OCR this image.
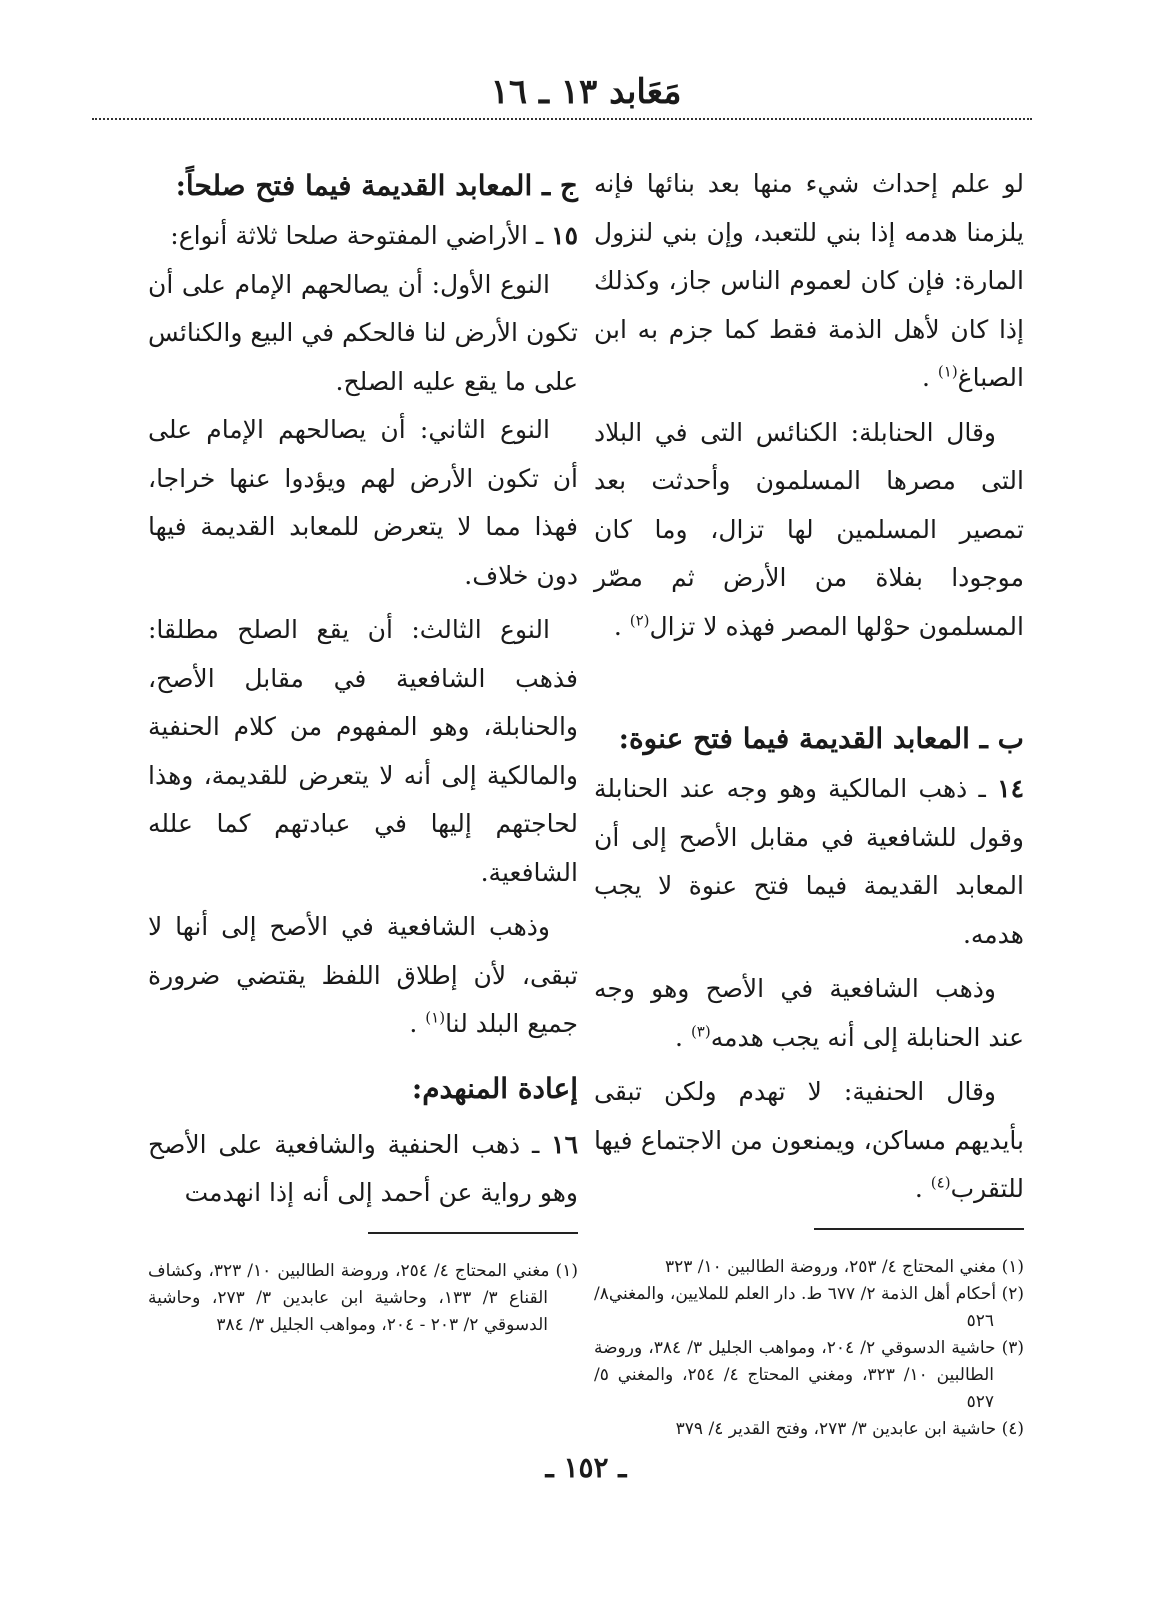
مَعَابد ١٣ ـ ١٦

لو علم إحداث شيء منها بعد بنائها فإنه يلزمنا هدمه إذا بني للتعبد، وإن بني لنزول المارة: فإن كان لعموم الناس جاز، وكذلك إذا كان لأهل الذمة فقط كما جزم به ابن الصباغ$^{(١)}$ .

وقال الحنابلة: الكنائس التى في البلاد التى مصرها المسلمون وأحدثت بعد تمصير المسلمين لها تزال، وما كان موجودا بفلاة من الأرض ثم مصّر المسلمون حوْلها المصر فهذه لا تزال$^{(٢)}$ .

ب ـ المعابد القديمة فيما فتح عنوة:

١٤ ـ ذهب المالكية وهو وجه عند الحنابلة وقول للشافعية في مقابل الأصح إلى أن المعابد القديمة فيما فتح عنوة لا يجب هدمه.

وذهب الشافعية في الأصح وهو وجه عند الحنابلة إلى أنه يجب هدمه$^{(٣)}$ .

وقال الحنفية: لا تهدم ولكن تبقى بأيديهم مساكن، ويمنعون من الاجتماع فيها للتقرب$^{(٤)}$ .

(١) مغني المحتاج ٤/ ٢٥٣، وروضة الطالبين ١٠/ ٣٢٣
(٢) أحكام أهل الذمة ٢/ ٦٧٧ ط. دار العلم للملايين، والمغني٨/ ٥٢٦
(٣) حاشية الدسوقي ٢/ ٢٠٤، ومواهب الجليل ٣/ ٣٨٤، وروضة الطالبين ١٠/ ٣٢٣، ومغني المحتاج ٤/ ٢٥٤، والمغني ٥/ ٥٢٧
(٤) حاشية ابن عابدين ٣/ ٢٧٣، وفتح القدير ٤/ ٣٧٩
ج ـ المعابد القديمة فيما فتح صلحاً:

١٥ ـ الأراضي المفتوحة صلحا ثلاثة أنواع:

النوع الأول: أن يصالحهم الإمام على أن تكون الأرض لنا فالحكم في البيع والكنائس على ما يقع عليه الصلح.

النوع الثاني: أن يصالحهم الإمام على أن تكون الأرض لهم ويؤدوا عنها خراجا، فهذا مما لا يتعرض للمعابد القديمة فيها دون خلاف.

النوع الثالث: أن يقع الصلح مطلقا: فذهب الشافعية في مقابل الأصح، والحنابلة، وهو المفهوم من كلام الحنفية والمالكية إلى أنه لا يتعرض للقديمة، وهذا لحاجتهم إليها في عبادتهم كما علله الشافعية.

وذهب الشافعية في الأصح إلى أنها لا تبقى، لأن إطلاق اللفظ يقتضي ضرورة جميع البلد لنا$^{(١)}$ .

إعادة المنهدم:

١٦ ـ ذهب الحنفية والشافعية على الأصح وهو رواية عن أحمد إلى أنه إذا انهدمت

(١) مغني المحتاج ٤/ ٢٥٤، وروضة الطالبين ١٠/ ٣٢٣، وكشاف القناع ٣/ ١٣٣، وحاشية ابن عابدين ٣/ ٢٧٣، وحاشية الدسوقي ٢/ ٢٠٣ - ٢٠٤، ومواهب الجليل ٣/ ٣٨٤
ـ ١٥٢ ـ
